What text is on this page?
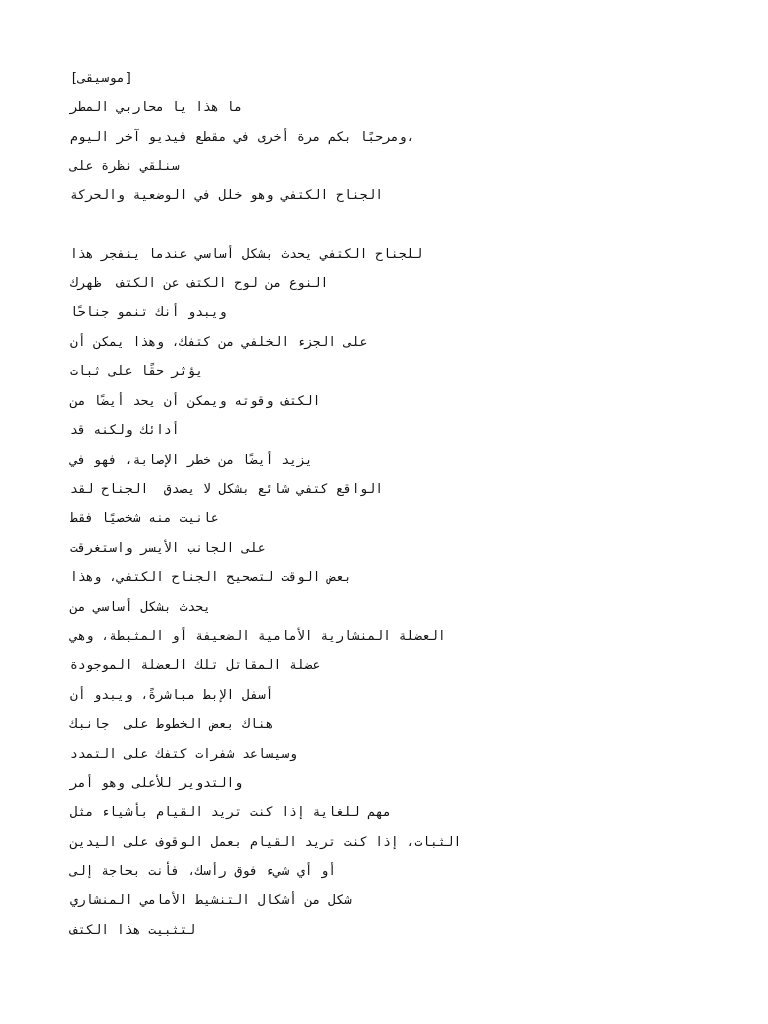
[موسيقى]
ما هذا يا محاربي المطر
،ومرحبًا بكم مرة أخرى في مقطع فيديو آخر اليوم
سنلقي نظرة على
الجناح الكتفي وهو خلل في الوضعية والحركة
للجناح الكتفي يحدث بشكل أساسي عندما ينفجر هذا
النوع من لوح الكتف عن الكتف  ظهرك
ويبدو أنك تنمو جناحًا
على الجزء الخلفي من كتفك، وهذا يمكن أن
يؤثر حقًا على ثبات
الكتف وقوته ويمكن أن يحد أيضًا من
أدائك ولكنه قد
يزيد أيضًا من خطر الإصابة، فهو في
الواقع كتفي شائع بشكل لا يصدق  الجناح لقد
عانيت منه شخصيًا فقط
على الجانب الأيسر واستغرقت
بعض الوقت لتصحيح الجناح الكتفي، وهذا
يحدث بشكل أساسي من
العضلة المنشارية الأمامية الضعيفة أو المثبطة، وهي
عضلة المقاتل تلك العضلة الموجودة
أسفل الإبط مباشرةً، ويبدو أن
هناك بعض الخطوط على  جانبك
وسيساعد شفرات كتفك على التمدد
والتدوير للأعلى وهو أمر
مهم للغاية إذا كنت تريد القيام بأشياء مثل
الثبات، إذا كنت تريد القيام بعمل الوقوف على اليدين
أو أي شيء فوق رأسك، فأنت بحاجة إلى
شكل من أشكال التنشيط الأمامي المنشاري
لتثبيت هذا الكتف
